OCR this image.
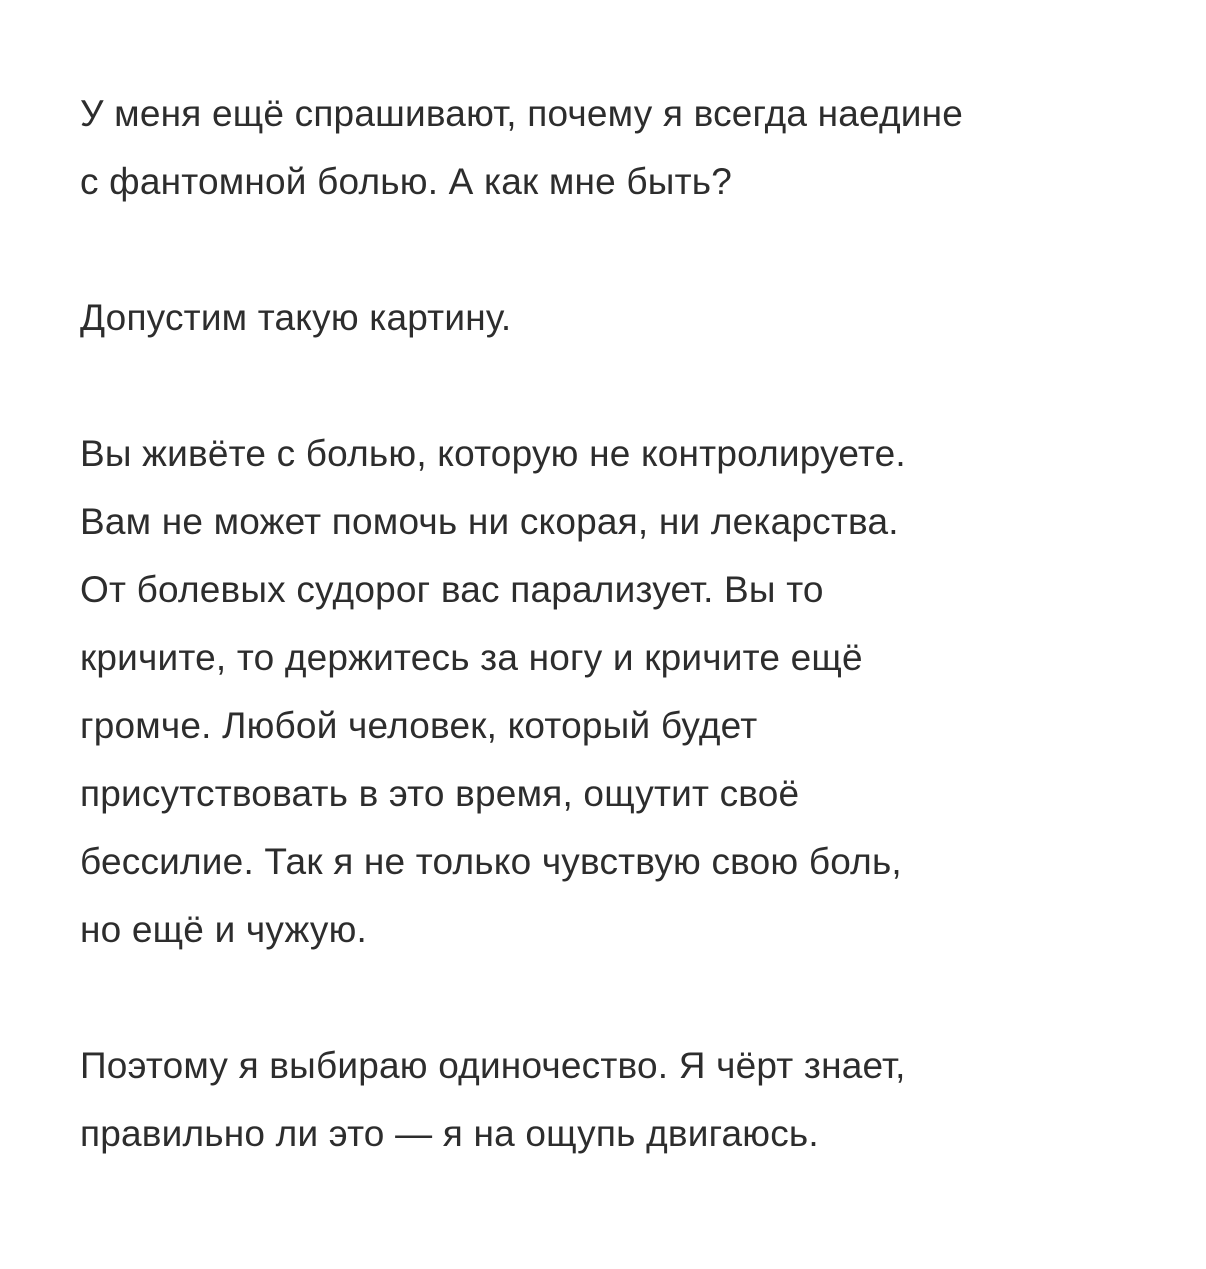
У меня ещё спрашивают, почему я всегда наедине
с фантомной болью. А как мне быть?
Допустим такую картину.
Вы живёте с болью, которую не контролируете.
Вам не может помочь ни скорая, ни лекарства.
От болевых судорог вас парализует. Вы то
кричите, то держитесь за ногу и кричите ещё
громче. Любой человек, который будет
присутствовать в это время, ощутит своё
бессилие. Так я не только чувствую свою боль,
но ещё и чужую.
Поэтому я выбираю одиночество. Я чёрт знает,
правильно ли это — я на ощупь двигаюсь.
